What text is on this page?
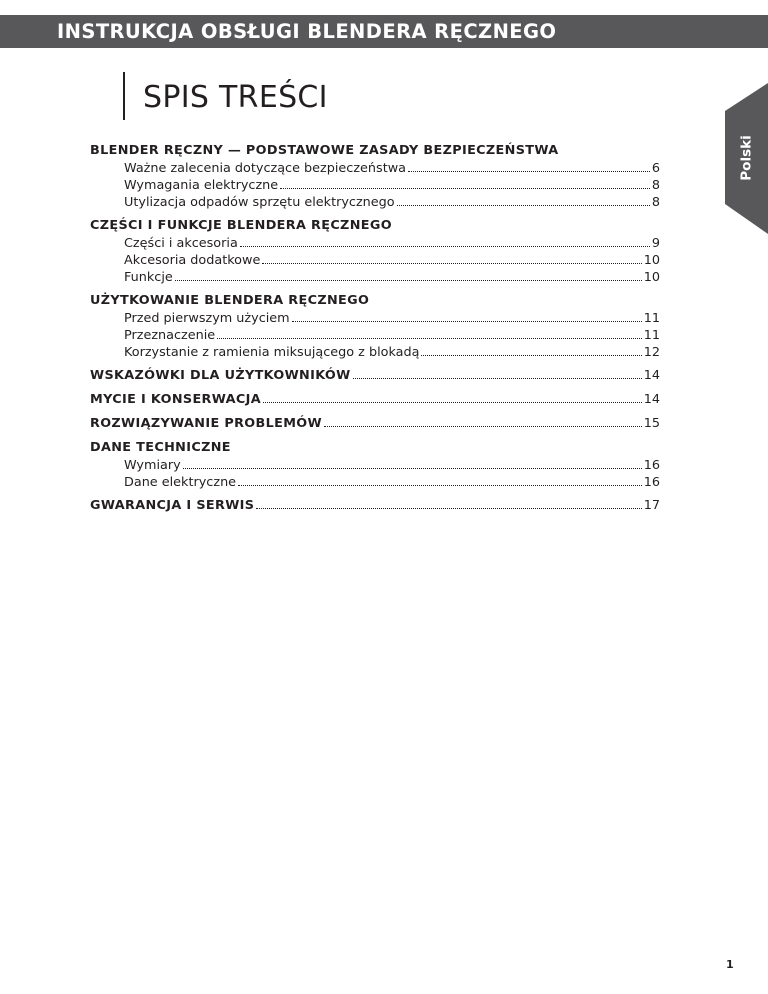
INSTRUKCJA OBSŁUGI BLENDERA RĘCZNEGO
SPIS TREŚCI
Polski
BLENDER RĘCZNY — PODSTAWOWE ZASADY BEZPIECZEŃSTWA
Ważne zalecenia dotyczące bezpieczeństwa	6
Wymagania elektryczne	8
Utylizacja odpadów sprzętu elektrycznego	8
CZĘŚCI I FUNKCJE BLENDERA RĘCZNEGO
Części i akcesoria	9
Akcesoria dodatkowe	10
Funkcje	10
UŻYTKOWANIE BLENDERA RĘCZNEGO
Przed pierwszym użyciem	11
Przeznaczenie	11
Korzystanie z ramienia miksującego z blokadą	12
WSKAZÓWKI DLA UŻYTKOWNIKÓW	14
MYCIE I KONSERWACJA	14
ROZWIĄZYWANIE PROBLEMÓW	15
DANE TECHNICZNE
Wymiary	16
Dane elektryczne	16
GWARANCJA I SERWIS	17
1
